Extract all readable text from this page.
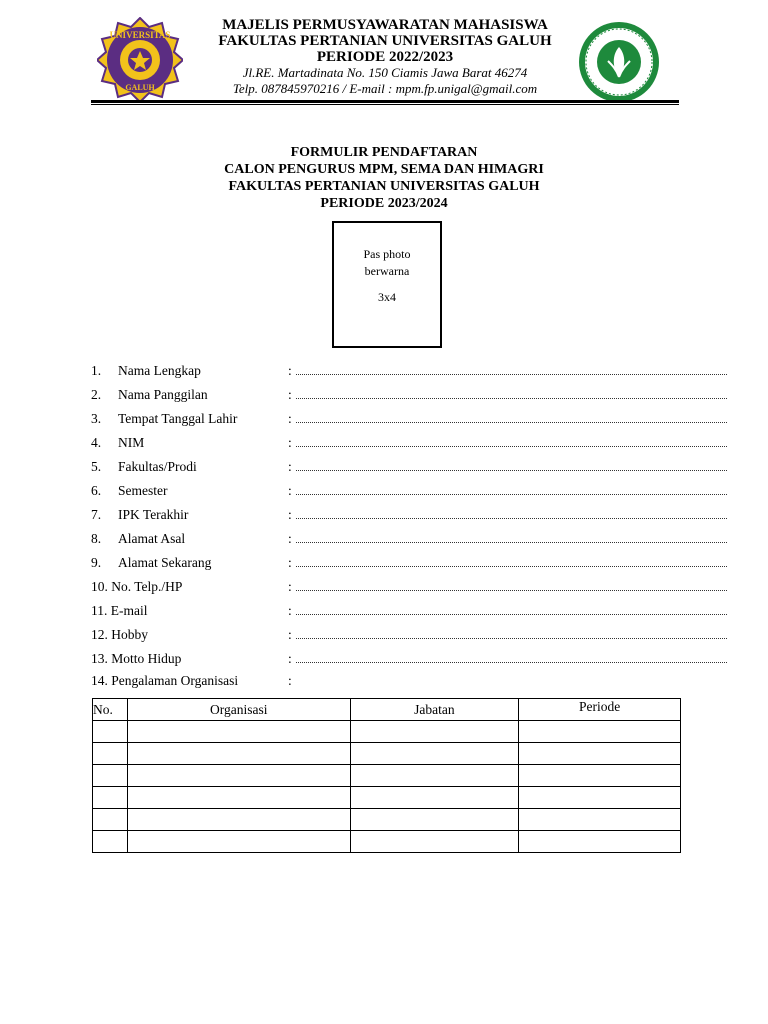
UNIVERSITAS
GALUH
MAJELIS PERMUSYAWARATAN MAHASISWA
FAKULTAS PERTANIAN UNIVERSITAS GALUH
PERIODE 2022/2023
Jl.RE. Martadinata No. 150 Ciamis Jawa Barat 46274
Telp. 087845970216 / E-mail : mpm.fp.unigal@gmail.com
FORMULIR PENDAFTARAN
CALON PENGURUS MPM, SEMA DAN HIMAGRI
FAKULTAS PERTANIAN UNIVERSITAS GALUH
PERIODE 2023/2024
Pas photo
berwarna
3x4
1. Nama Lengkap	:
2. Nama Panggilan	:
3. Tempat Tanggal Lahir	:
4. NIM	:
5. Fakultas/Prodi	:
6. Semester	:
7. IPK Terakhir	:
8. Alamat Asal	:
9. Alamat Sekarang	:
10. No. Telp./HP	:
11. E-mail	:
12. Hobby	:
13. Motto Hidup	:
14. Pengalaman Organisasi	:
No.	Organisasi	Jabatan	Periode
